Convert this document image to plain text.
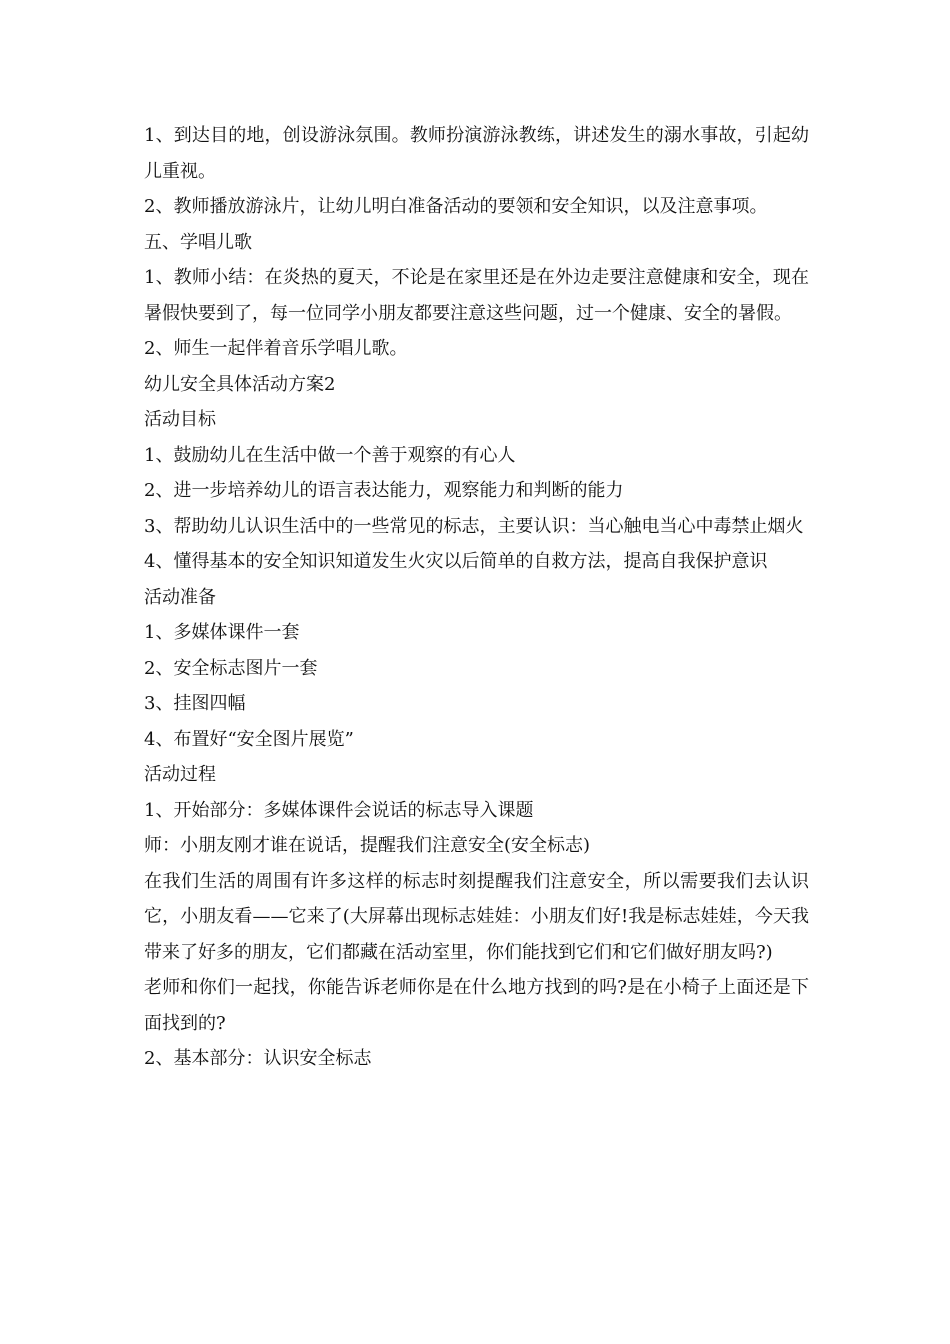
1、到达目的地，创设游泳氛围。教师扮演游泳教练，讲述发生的溺水事故，引起幼儿重视。

2、教师播放游泳片，让幼儿明白准备活动的要领和安全知识，以及注意事项。

五、学唱儿歌

1、教师小结：在炎热的夏天，不论是在家里还是在外边走要注意健康和安全，现在暑假快要到了，每一位同学小朋友都要注意这些问题，过一个健康、安全的暑假。

2、师生一起伴着音乐学唱儿歌。

幼儿安全具体活动方案2

活动目标

1、鼓励幼儿在生活中做一个善于观察的有心人

2、进一步培养幼儿的语言表达能力，观察能力和判断的能力

3、帮助幼儿认识生活中的一些常见的标志，主要认识：当心触电当心中毒禁止烟火

4、懂得基本的安全知识知道发生火灾以后简单的自救方法，提高自我保护意识

活动准备

1、多媒体课件一套

2、安全标志图片一套

3、挂图四幅

4、布置好“安全图片展览”

活动过程

1、开始部分：多媒体课件会说话的标志导入课题

师：小朋友刚才谁在说话，提醒我们注意安全(安全标志)

在我们生活的周围有许多这样的标志时刻提醒我们注意安全，所以需要我们去认识它，小朋友看——它来了(大屏幕出现标志娃娃：小朋友们好!我是标志娃娃，今天我带来了好多的朋友，它们都藏在活动室里，你们能找到它们和它们做好朋友吗?)

老师和你们一起找，你能告诉老师你是在什么地方找到的吗?是在小椅子上面还是下面找到的?

2、基本部分：认识安全标志
